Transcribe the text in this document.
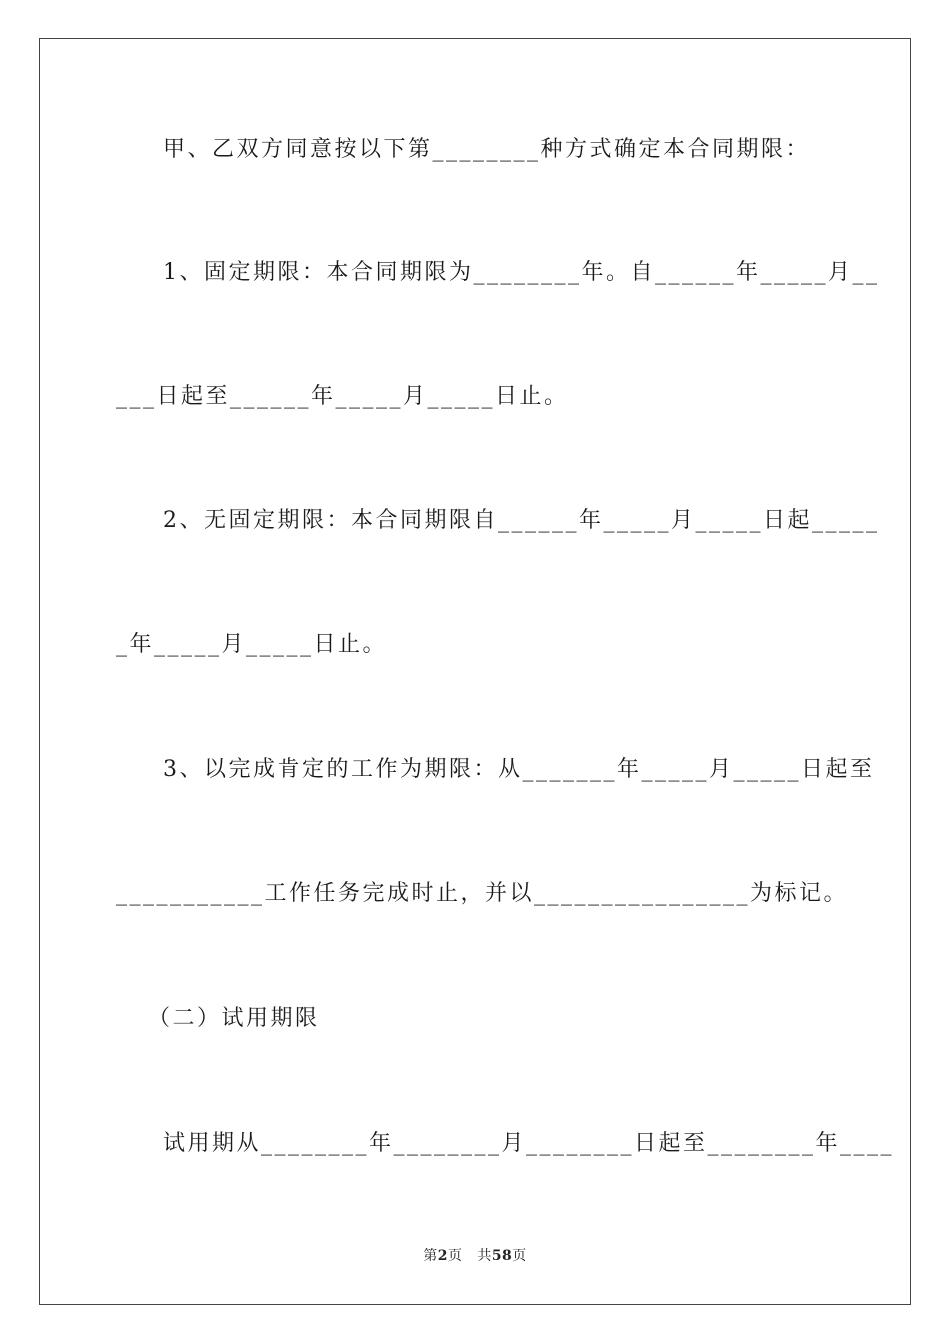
甲、乙双方同意按以下第________种方式确定本合同期限：
1、固定期限：本合同期限为________年。自______年_____月__
___日起至______年_____月_____日止。
2、无固定期限：本合同期限自______年_____月_____日起_____
_年_____月_____日止。
3、以完成肯定的工作为期限：从_______年_____月_____日起至
___________工作任务完成时止，并以________________为标记。
（二）试用期限
试用期从________年________月________日起至________年____
第2页 共58页
